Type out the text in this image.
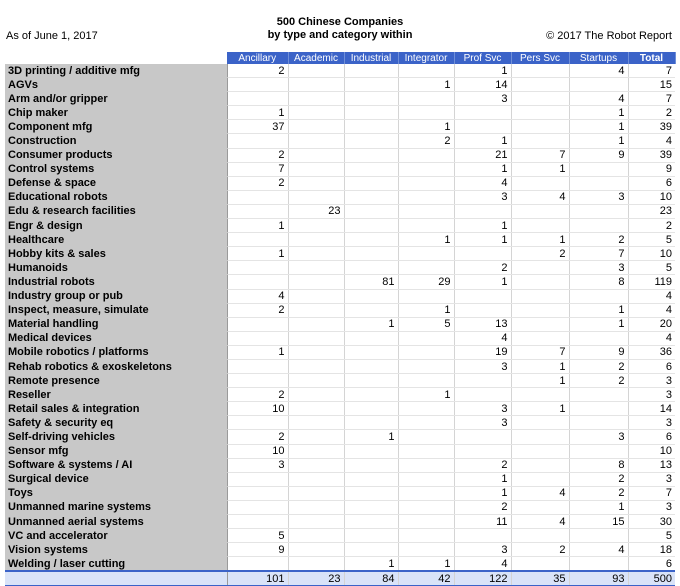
As of June 1, 2017
500 Chinese Companies
by type and category within	© 2017 The Robot Report
	Ancillary	Academic	Industrial	Integrator	Prof Svc	Pers Svc	Startups	Total
3D printing / additive mfg	2				1		4	7
AGVs				1	14			15
Arm and/or gripper					3		4	7
Chip maker	1						1	2
Component mfg	37			1			1	39
Construction				2	1		1	4
Consumer products	2				21	7	9	39
Control systems	7				1	1		9
Defense & space	2				4			6
Educational robots					3	4	3	10
Edu & research facilities		23						23
Engr & design	1				1			2
Healthcare				1	1	1	2	5
Hobby kits & sales	1					2	7	10
Humanoids					2		3	5
Industrial robots			81	29	1		8	119
Industry group or pub	4							4
Inspect, measure, simulate	2			1			1	4
Material handling			1	5	13		1	20
Medical devices					4			4
Mobile robotics / platforms	1				19	7	9	36
Rehab robotics & exoskeletons					3	1	2	6
Remote presence						1	2	3
Reseller	2			1				3
Retail sales & integration	10				3	1		14
Safety & security eq					3			3
Self-driving vehicles	2		1				3	6
Sensor mfg	10							10
Software & systems / AI	3				2		8	13
Surgical device					1		2	3
Toys					1	4	2	7
Unmanned marine systems					2		1	3
Unmanned aerial systems					11	4	15	30
VC and accelerator	5							5
Vision systems	9				3	2	4	18
Welding / laser cutting			1	1	4			6
	101	23	84	42	122	35	93	500
